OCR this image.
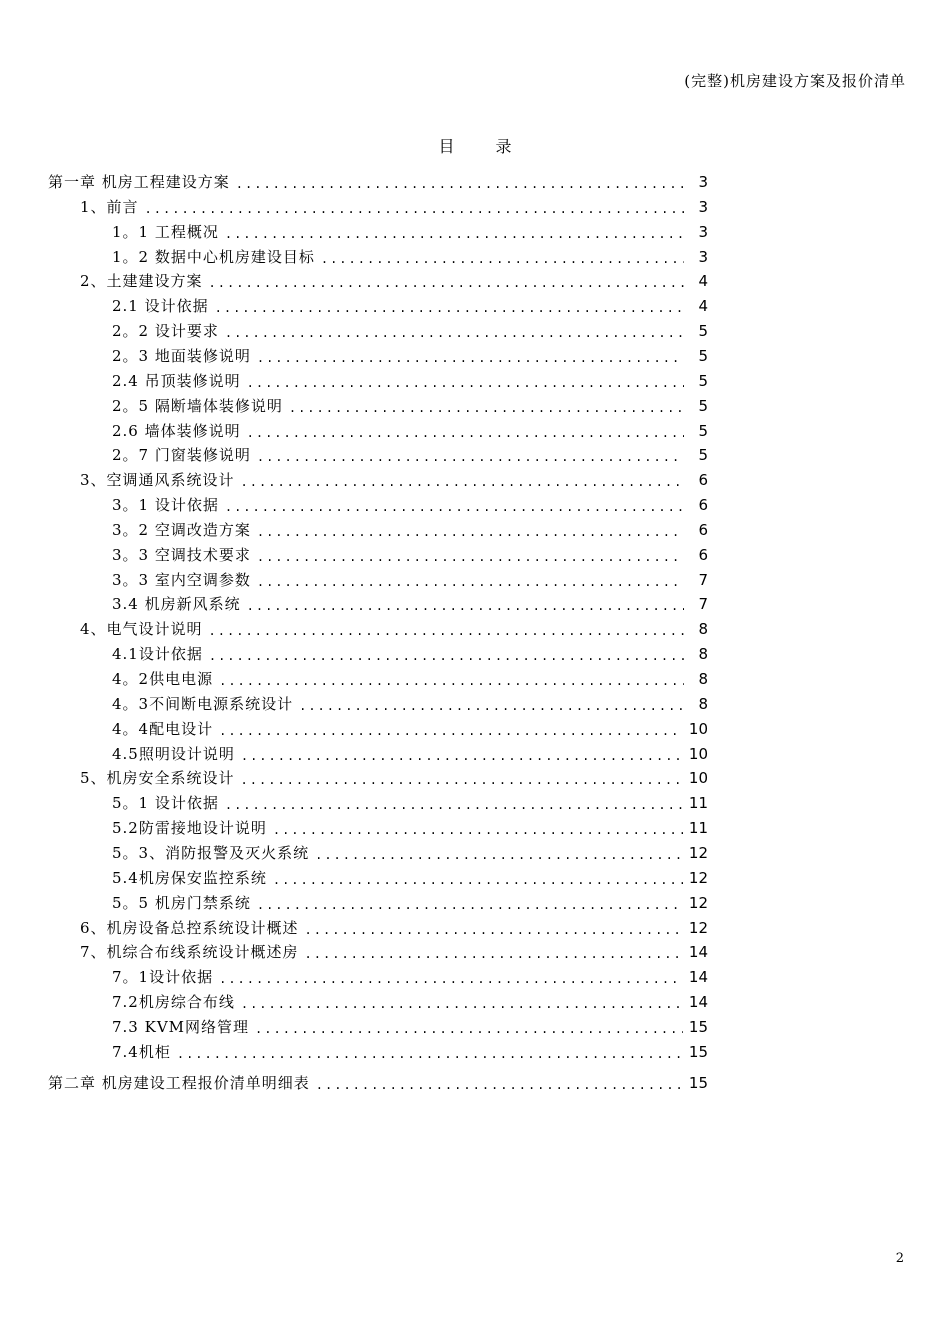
(完整)机房建设方案及报价清单
目 录
第一章 机房工程建设方案 .....	3
1、前言 .....	3
1。1 工程概况 .....	3
1。2 数据中心机房建设目标 .....	3
2、土建建设方案 .....	4
2.1 设计依据 .....	4
2。2 设计要求 .....	5
2。3 地面装修说明 .....	5
2.4 吊顶装修说明 .....	5
2。5 隔断墙体装修说明 .....	5
2.6 墙体装修说明 .....	5
2。7 门窗装修说明 .....	5
3、空调通风系统设计 .....	6
3。1 设计依据 .....	6
3。2 空调改造方案 .....	6
3。3 空调技术要求 .....	6
3。3 室内空调参数 .....	7
3.4 机房新风系统 .....	7
4、电气设计说明 .....	8
4.1设计依据 .....	8
4。2供电电源 .....	8
4。3不间断电源系统设计 .....	8
4。4配电设计 .....	10
4.5照明设计说明 .....	10
5、机房安全系统设计 .....	10
5。1 设计依据 .....	11
5.2防雷接地设计说明 .....	11
5。3、消防报警及灭火系统 .....	12
5.4机房保安监控系统 .....	12
5。5 机房门禁系统 .....	12
6、机房设备总控系统设计概述 .....	12
7、机综合布线系统设计概述房 .....	14
7。1设计依据 .....	14
7.2机房综合布线 .....	14
7.3 KVM网络管理 .....	15
7.4机柜 .....	15
第二章 机房建设工程报价清单明细表 .....	15
2
